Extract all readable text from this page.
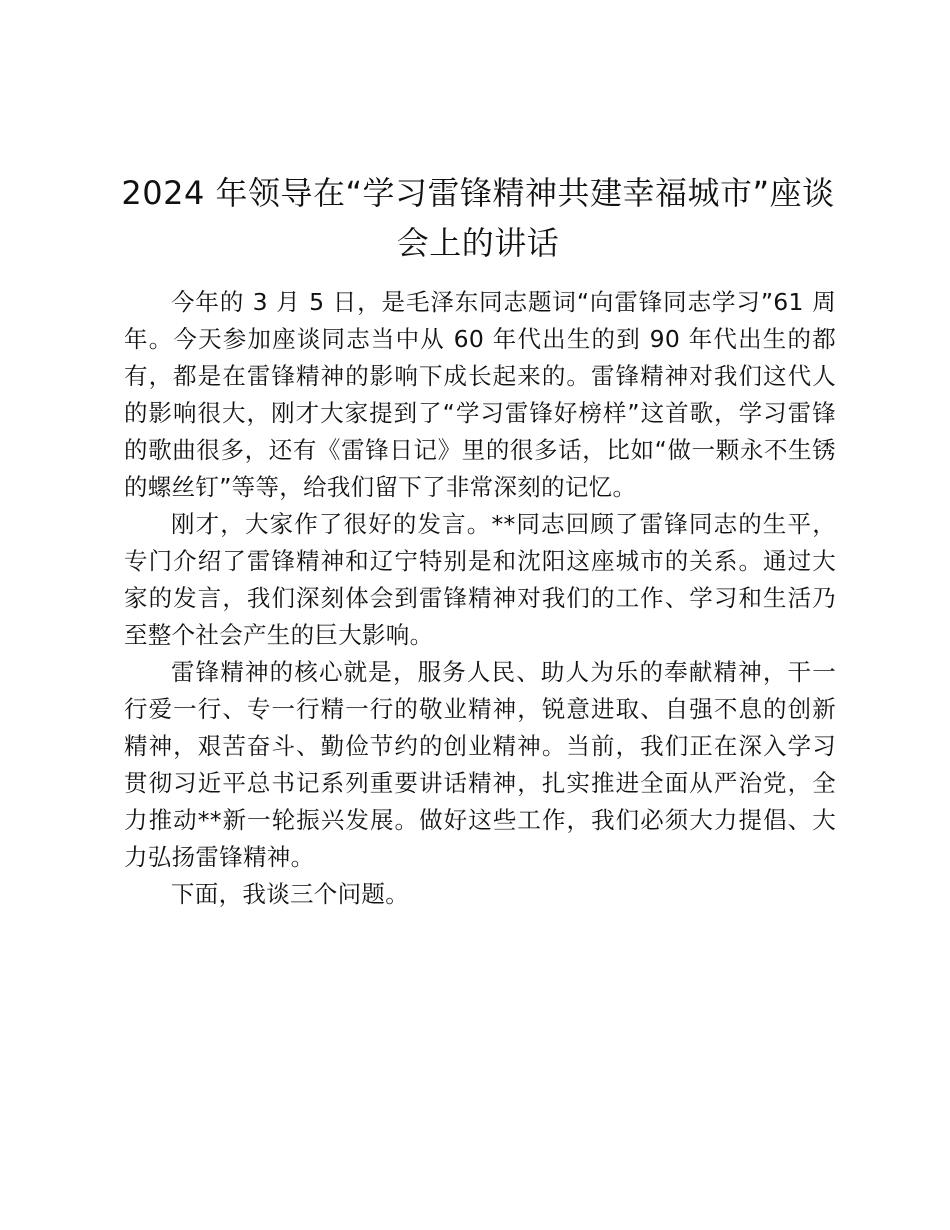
2024 年领导在“学习雷锋精神共建幸福城市”座谈会上的讲话

今年的 3 月 5 日，是毛泽东同志题词“向雷锋同志学习”61 周年。今天参加座谈同志当中从 60 年代出生的到 90 年代出生的都有，都是在雷锋精神的影响下成长起来的。雷锋精神对我们这代人的影响很大，刚才大家提到了“学习雷锋好榜样”这首歌，学习雷锋的歌曲很多，还有《雷锋日记》里的很多话，比如“做一颗永不生锈的螺丝钉”等等，给我们留下了非常深刻的记忆。

刚才，大家作了很好的发言。**同志回顾了雷锋同志的生平，专门介绍了雷锋精神和辽宁特别是和沈阳这座城市的关系。通过大家的发言，我们深刻体会到雷锋精神对我们的工作、学习和生活乃至整个社会产生的巨大影响。

雷锋精神的核心就是，服务人民、助人为乐的奉献精神，干一行爱一行、专一行精一行的敬业精神，锐意进取、自强不息的创新精神，艰苦奋斗、勤俭节约的创业精神。当前，我们正在深入学习贯彻习近平总书记系列重要讲话精神，扎实推进全面从严治党，全力推动**新一轮振兴发展。做好这些工作，我们必须大力提倡、大力弘扬雷锋精神。

下面，我谈三个问题。
